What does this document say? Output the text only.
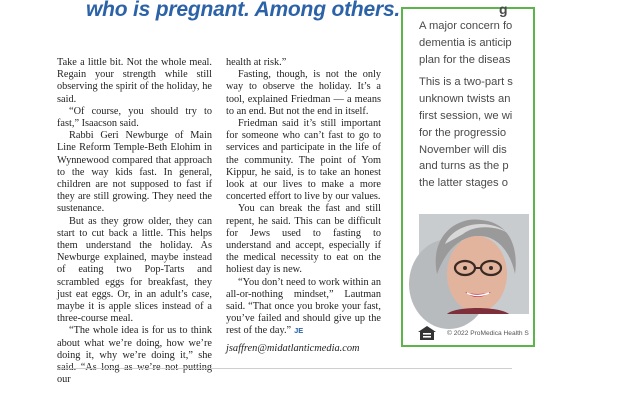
who is pregnant. Among others.

Take a little bit. Not the whole meal. Regain your strength while still observing the spirit of the holiday, he said.

“Of course, you should try to fast,” Isaacson said.

Rabbi Geri Newburge of Main Line Reform Temple-Beth Elohim in Wynnewood compared that approach to the way kids fast. In general, children are not supposed to fast if they are still growing. They need the sustenance.

But as they grow older, they can start to cut back a little. This helps them understand the holiday. As Newburge explained, maybe instead of eating two Pop-Tarts and scrambled eggs for breakfast, they just eat eggs. Or, in an adult’s case, maybe it is apple slices instead of a three-course meal.

“The whole idea is for us to think about what we’re doing, how we’re doing it, why we’re doing it,” she our

health at risk.”

Fasting, though, is not the only way to observe the holiday. It’s a tool, explained Friedman — a means to an end. But not the end in itself.

Friedman said it’s still important for someone who can’t fast to go to services and participate in the life of the community. The point of Yom Kippur, he said, is to take an honest look at our lives to make a more concerted effort to live by our values.

You can break the fast and still repent, he said. This can be difficult for Jews used to fasting to understand and accept, especially if the medical necessity to eat on the holiest day is new.

“You don’t need to work within an all-or-nothing mindset,” Lautman said. “That once you broke your fast, you’ve failed and should give up the rest of the day.” JE

jsaffren@midatlanticmedia.com
g
A major concern fo
dementia is anticip
plan for the diseas
This is a two-part s
unknown twists an
first session, we wi
for the progressio
November will dis
and turns as the p
the latter stages o
© 2022 ProMedica Health S
